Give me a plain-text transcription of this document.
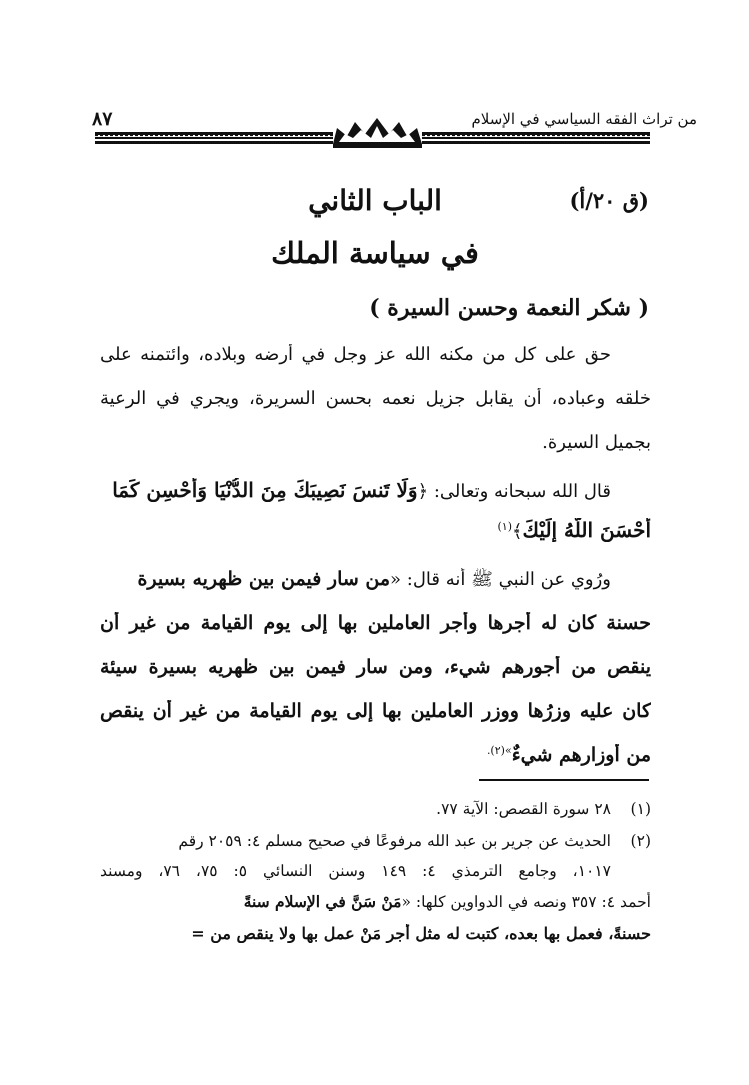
من تراث الفقه السياسي في الإسلام
٨٧
(ق ٢٠/أ)
الباب الثاني
في سياسة الملك
( شكر النعمة وحسن السيرة )
حق على كل من مكنه الله عز وجل في أرضه وبلاده، وائتمنه على
خلقه وعباده، أن يقابل جزيل نعمه بحسن السريرة، ويجري في الرعية
بجميل السيرة.
قال الله سبحانه وتعالى: ﴿وَلَا تَنسَ نَصِيبَكَ مِنَ الدُّنْيَا وَأَحْسِن كَمَا
أَحْسَنَ اللَّهُ إِلَيْكَ﴾$^{(١)}$
ورُوي عن النبي ﷺ أنه قال: «من سار فيمن بين ظهريه بسيرة
حسنة كان له أجرها وأجر العاملين بها إلى يوم القيامة من غير أن
ينقص من أجورهم شيء، ومن سار فيمن بين ظهريه بسيرة سيئة
كان عليه وزرُها ووزر العاملين بها إلى يوم القيامة من غير أن ينقص
من أوزارهم شيءٌ$^{»(٢).}$
(١)٢٨ سورة القصص: الآية ٧٧.
(٢)الحديث عن جرير بن عبد الله مرفوعًا في صحيح مسلم ٤: ٢٠٥٩ رقم
١٠١٧، وجامع الترمذي ٤: ١٤٩ وسنن النسائي ٥: ٧٥، ٧٦، ومسند
أحمد ٤: ٣٥٧ ونصه في الدواوين كلها: «مَنْ سَنَّ في الإسلام سنةً
حسنةً، فعمل بها بعده، كتبت له مثل أجر مَنْ عمل بها ولا ينقص من =
